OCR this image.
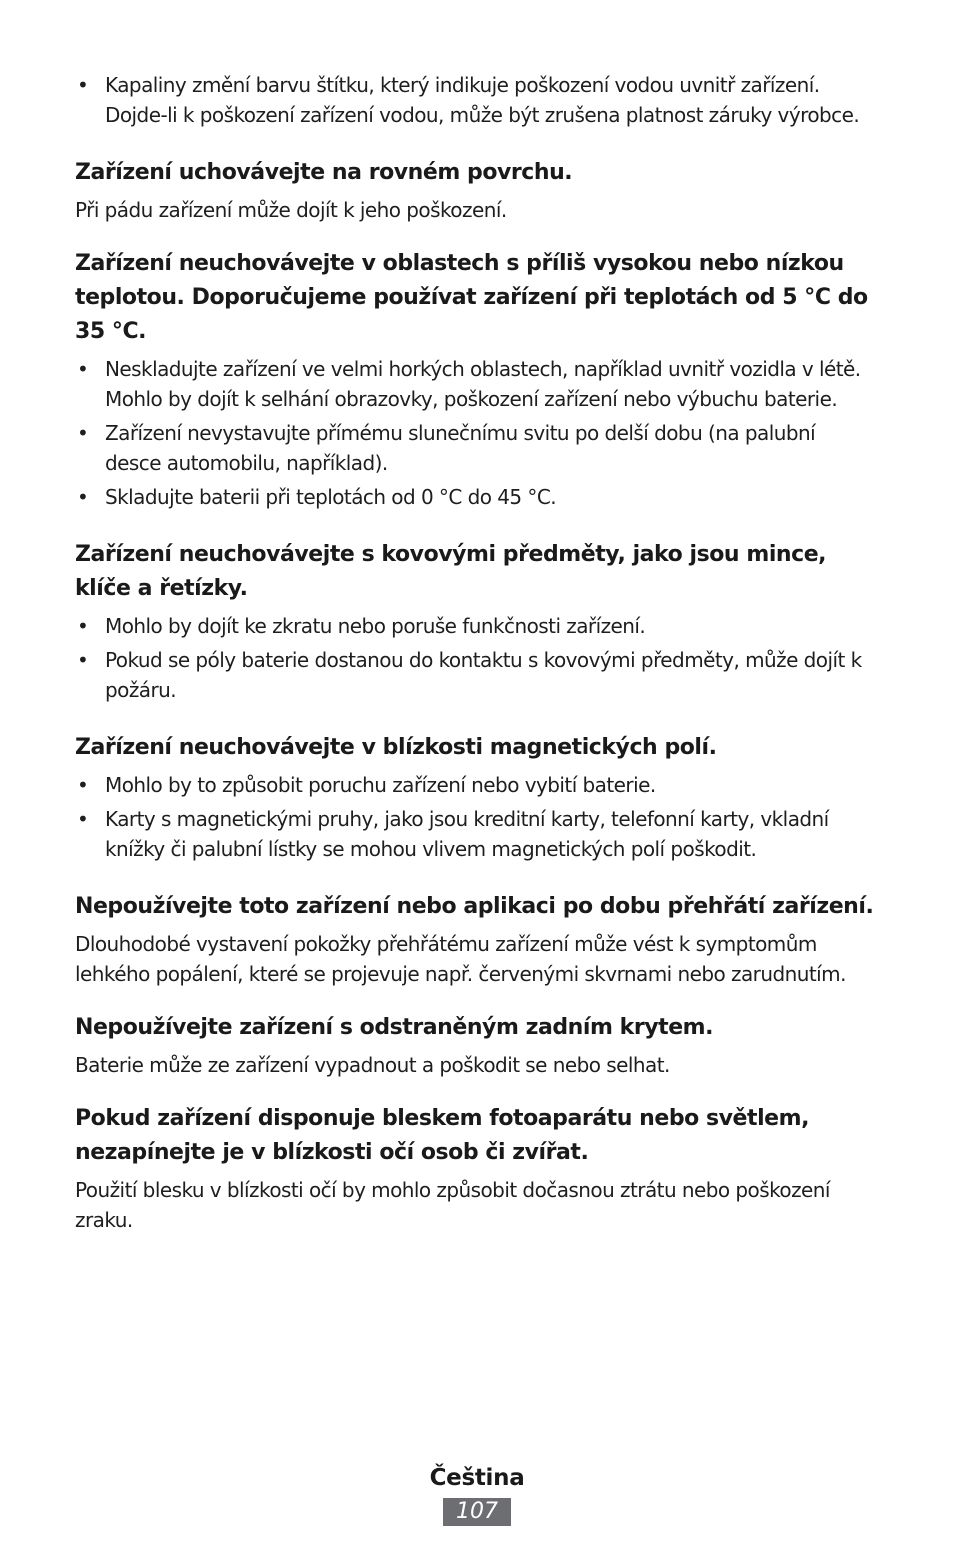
• Kapaliny změní barvu štítku, který indikuje poškození vodou uvnitř zařízení. Dojde-li k poškození zařízení vodou, může být zrušena platnost záruky výrobce.
Zařízení uchovávejte na rovném povrchu.

Při pádu zařízení může dojít k jeho poškození.

Zařízení neuchovávejte v oblastech s příliš vysokou nebo nízkou teplotou. Doporučujeme používat zařízení při teplotách od 5 °C do 35 °C.
• Neskladujte zařízení ve velmi horkých oblastech, například uvnitř vozidla v létě. Mohlo by dojít k selhání obrazovky, poškození zařízení nebo výbuchu baterie.
• Zařízení nevystavujte přímému slunečnímu svitu po delší dobu (na palubní desce automobilu, například).
• Skladujte baterii při teplotách od 0 °C do 45 °C.
Zařízení neuchovávejte s kovovými předměty, jako jsou mince, klíče a řetízky.
• Mohlo by dojít ke zkratu nebo poruše funkčnosti zařízení.
• Pokud se póly baterie dostanou do kontaktu s kovovými předměty, může dojít k požáru.
Zařízení neuchovávejte v blízkosti magnetických polí.
• Mohlo by to způsobit poruchu zařízení nebo vybití baterie.
• Karty s magnetickými pruhy, jako jsou kreditní karty, telefonní karty, vkladní knížky či palubní lístky se mohou vlivem magnetických polí poškodit.
Nepoužívejte toto zařízení nebo aplikaci po dobu přehřátí zařízení.

Dlouhodobé vystavení pokožky přehřátému zařízení může vést k symptomům lehkého popálení, které se projevuje např. červenými skvrnami nebo zarudnutím.

Nepoužívejte zařízení s odstraněným zadním krytem.

Baterie může ze zařízení vypadnout a poškodit se nebo selhat.

Pokud zařízení disponuje bleskem fotoaparátu nebo světlem, nezapínejte je v blízkosti očí osob či zvířat.

Použití blesku v blízkosti očí by mohlo způsobit dočasnou ztrátu nebo poškození zraku.

Čeština
107
